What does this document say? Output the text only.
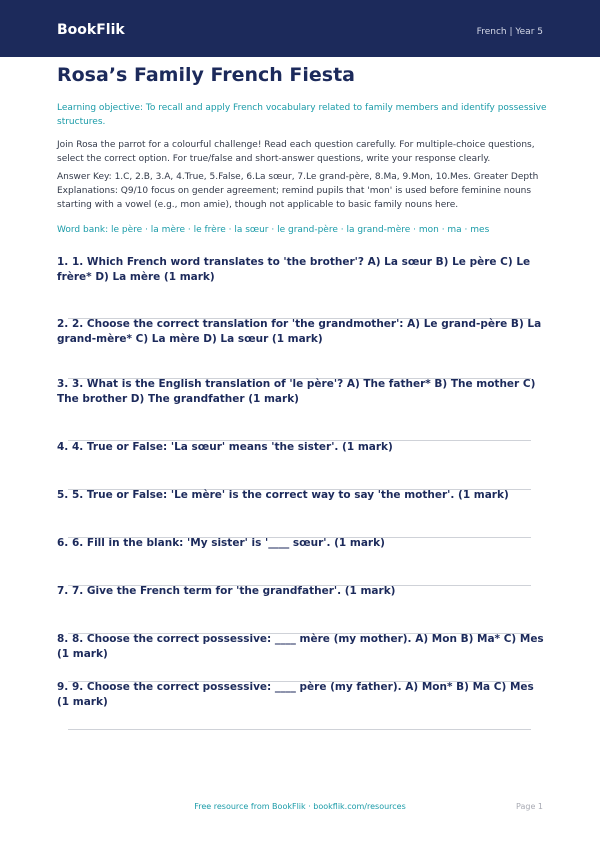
BookFlik	French | Year 5
Rosa’s Family French Fiesta
Learning objective: To recall and apply French vocabulary related to family members and identify possessive structures.
Join Rosa the parrot for a colourful challenge! Read each question carefully. For multiple-choice questions, select the correct option. For true/false and short-answer questions, write your response clearly.
Answer Key: 1.C, 2.B, 3.A, 4.True, 5.False, 6.La sœur, 7.Le grand-père, 8.Ma, 9.Mon, 10.Mes. Greater Depth Explanations: Q9/10 focus on gender agreement; remind pupils that 'mon' is used before feminine nouns starting with a vowel (e.g., mon amie), though not applicable to basic family nouns here.
Word bank: le père · la mère · le frère · la sœur · le grand-père · la grand-mère · mon · ma · mes
1. 1. Which French word translates to 'the brother'? A) La sœur B) Le père C) Le frère* D) La mère (1 mark)
2. 2. Choose the correct translation for 'the grandmother': A) Le grand-père B) La grand-mère* C) La mère D) La sœur (1 mark)
3. 3. What is the English translation of 'le père'? A) The father* B) The mother C) The brother D) The grandfather (1 mark)
4. 4. True or False: 'La sœur' means 'the sister'. (1 mark)
5. 5. True or False: 'Le mère' is the correct way to say 'the mother'. (1 mark)
6. 6. Fill in the blank: 'My sister' is '____ sœur'. (1 mark)
7. 7. Give the French term for 'the grandfather'. (1 mark)
8. 8. Choose the correct possessive: ____ mère (my mother). A) Mon B) Ma* C) Mes (1 mark)
9. 9. Choose the correct possessive: ____ père (my father). A) Mon* B) Ma C) Mes (1 mark)
Free resource from BookFlik · bookflik.com/resources	Page 1
